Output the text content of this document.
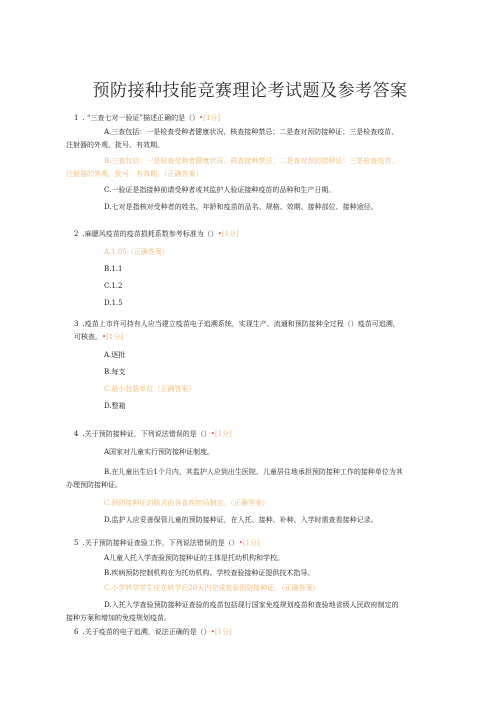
预防接种技能竞赛理论考试题及参考答案
1 . “三查七对一验证”描述正确的是（）•[1分]
A.三查包括：一是检查受种者健康状况、核查接种禁忌；二是查对预防接种证；三是检查疫苗、
注射器的外观、批号、有效期。
B.三查包括：一是检查受种者健康状况、核查接种禁忌；二是查对预防接种证；三是检查疫苗、
注射器的外观、批号、有效期。（正确答案）
C.一验证是指接种前请受种者或其监护人验证接种疫苗的品种和生产日期。
D.七对是指核对受种者的姓名、年龄和疫苗的品名、规格、效期、接种部位、接种途径。
2 .麻腮风疫苗的疫苗损耗系数参考标准为（）•[1分]
A.1.05（正确答案）
B.1.1
C.1.2
D.1.5
3 .疫苗上市许可持有人应当建立疫苗电子追溯系统，实现生产、流通和预防接种全过程（）疫苗可追溯，
可核查。•[1分]
A.逐批
B.每支
C.最小包装单位（正确答案）
D.整箱
4 .关于预防接种证，下列说法错误的是（）•[1分]
A国家对儿童实行预防接种证制度。
B.在儿童出生后1个月内，其监护人应到出生医院、儿童居住地承担预防接种工作的接种单位为其
办理预防接种证。
C.预防接种证的格式由各省疾控局制定。（正确答案）
D.监护人应妥善保管儿童的预防接种证，在入托、接种、补种、入学时需查看接种记录。
5 .关于预防接种证查验工作，下列说法错误的是（）•[1分]
A儿童入托入学查验预防接种证的主体是托幼机构和学校。
B.疾病预防控制机构在为托幼机构、学校查验接种证提供技术指导。
C.小学转学学生应在转学后20天内完成查验预防接种证。（正确答案）
D.入托入学查验预防接种证查验的疫苗包括现行国家免疫规划疫苗和查验地省级人民政府制定的
接种方案和增加的免疫规划疫苗。
6 .关于疫苗的电子追溯，说法正确的是（）•[1分]
